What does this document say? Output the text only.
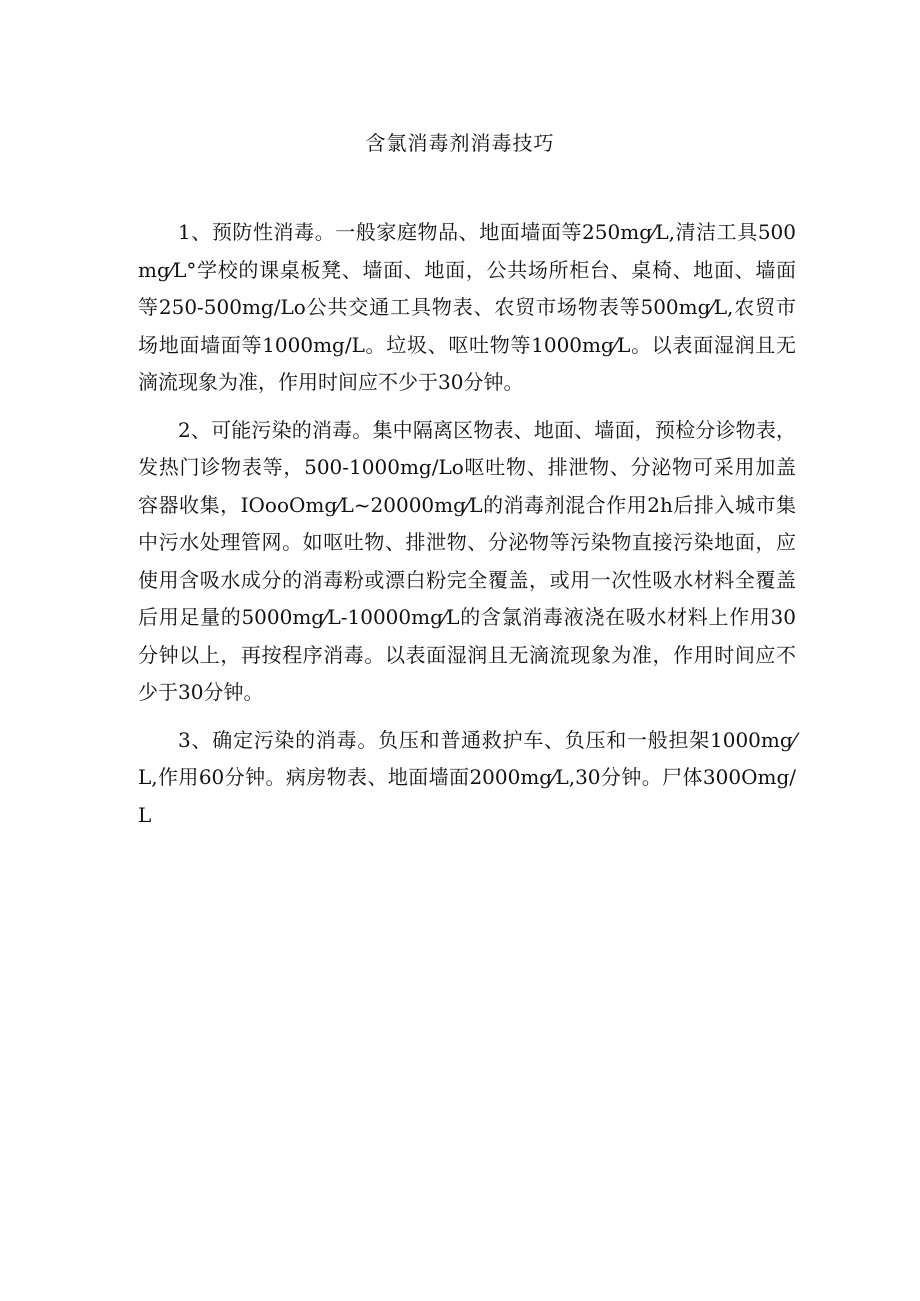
含氯消毒剂消毒技巧

1、预防性消毒。一般家庭物品、地面墙面等250mg⁄L,清洁工具500mg⁄L°学校的课桌板凳、墙面、地面，公共场所柜台、桌椅、地面、墙面等250-500mg/Lo公共交通工具物表、农贸市场物表等500mg⁄L,农贸市场地面墙面等1000mg/L。垃圾、呕吐物等1000mg⁄L。以表面湿润且无滴流现象为准，作用时间应不少于30分钟。

2、可能污染的消毒。集中隔离区物表、地面、墙面，预检分诊物表，发热门诊物表等，500-1000mg/Lo呕吐物、排泄物、分泌物可采用加盖容器收集，IOooOmg⁄L~20000mg⁄L的消毒剂混合作用2h后排入城市集中污水处理管网。如呕吐物、排泄物、分泌物等污染物直接污染地面，应使用含吸水成分的消毒粉或漂白粉完全覆盖，或用一次性吸水材料全覆盖后用足量的5000mg⁄L-10000mg⁄L的含氯消毒液浇在吸水材料上作用30分钟以上，再按程序消毒。以表面湿润且无滴流现象为准，作用时间应不少于30分钟。

3、确定污染的消毒。负压和普通救护车、负压和一般担架1000mg⁄L,作用60分钟。病房物表、地面墙面2000mg⁄L,30分钟。尸体300Omg/L
